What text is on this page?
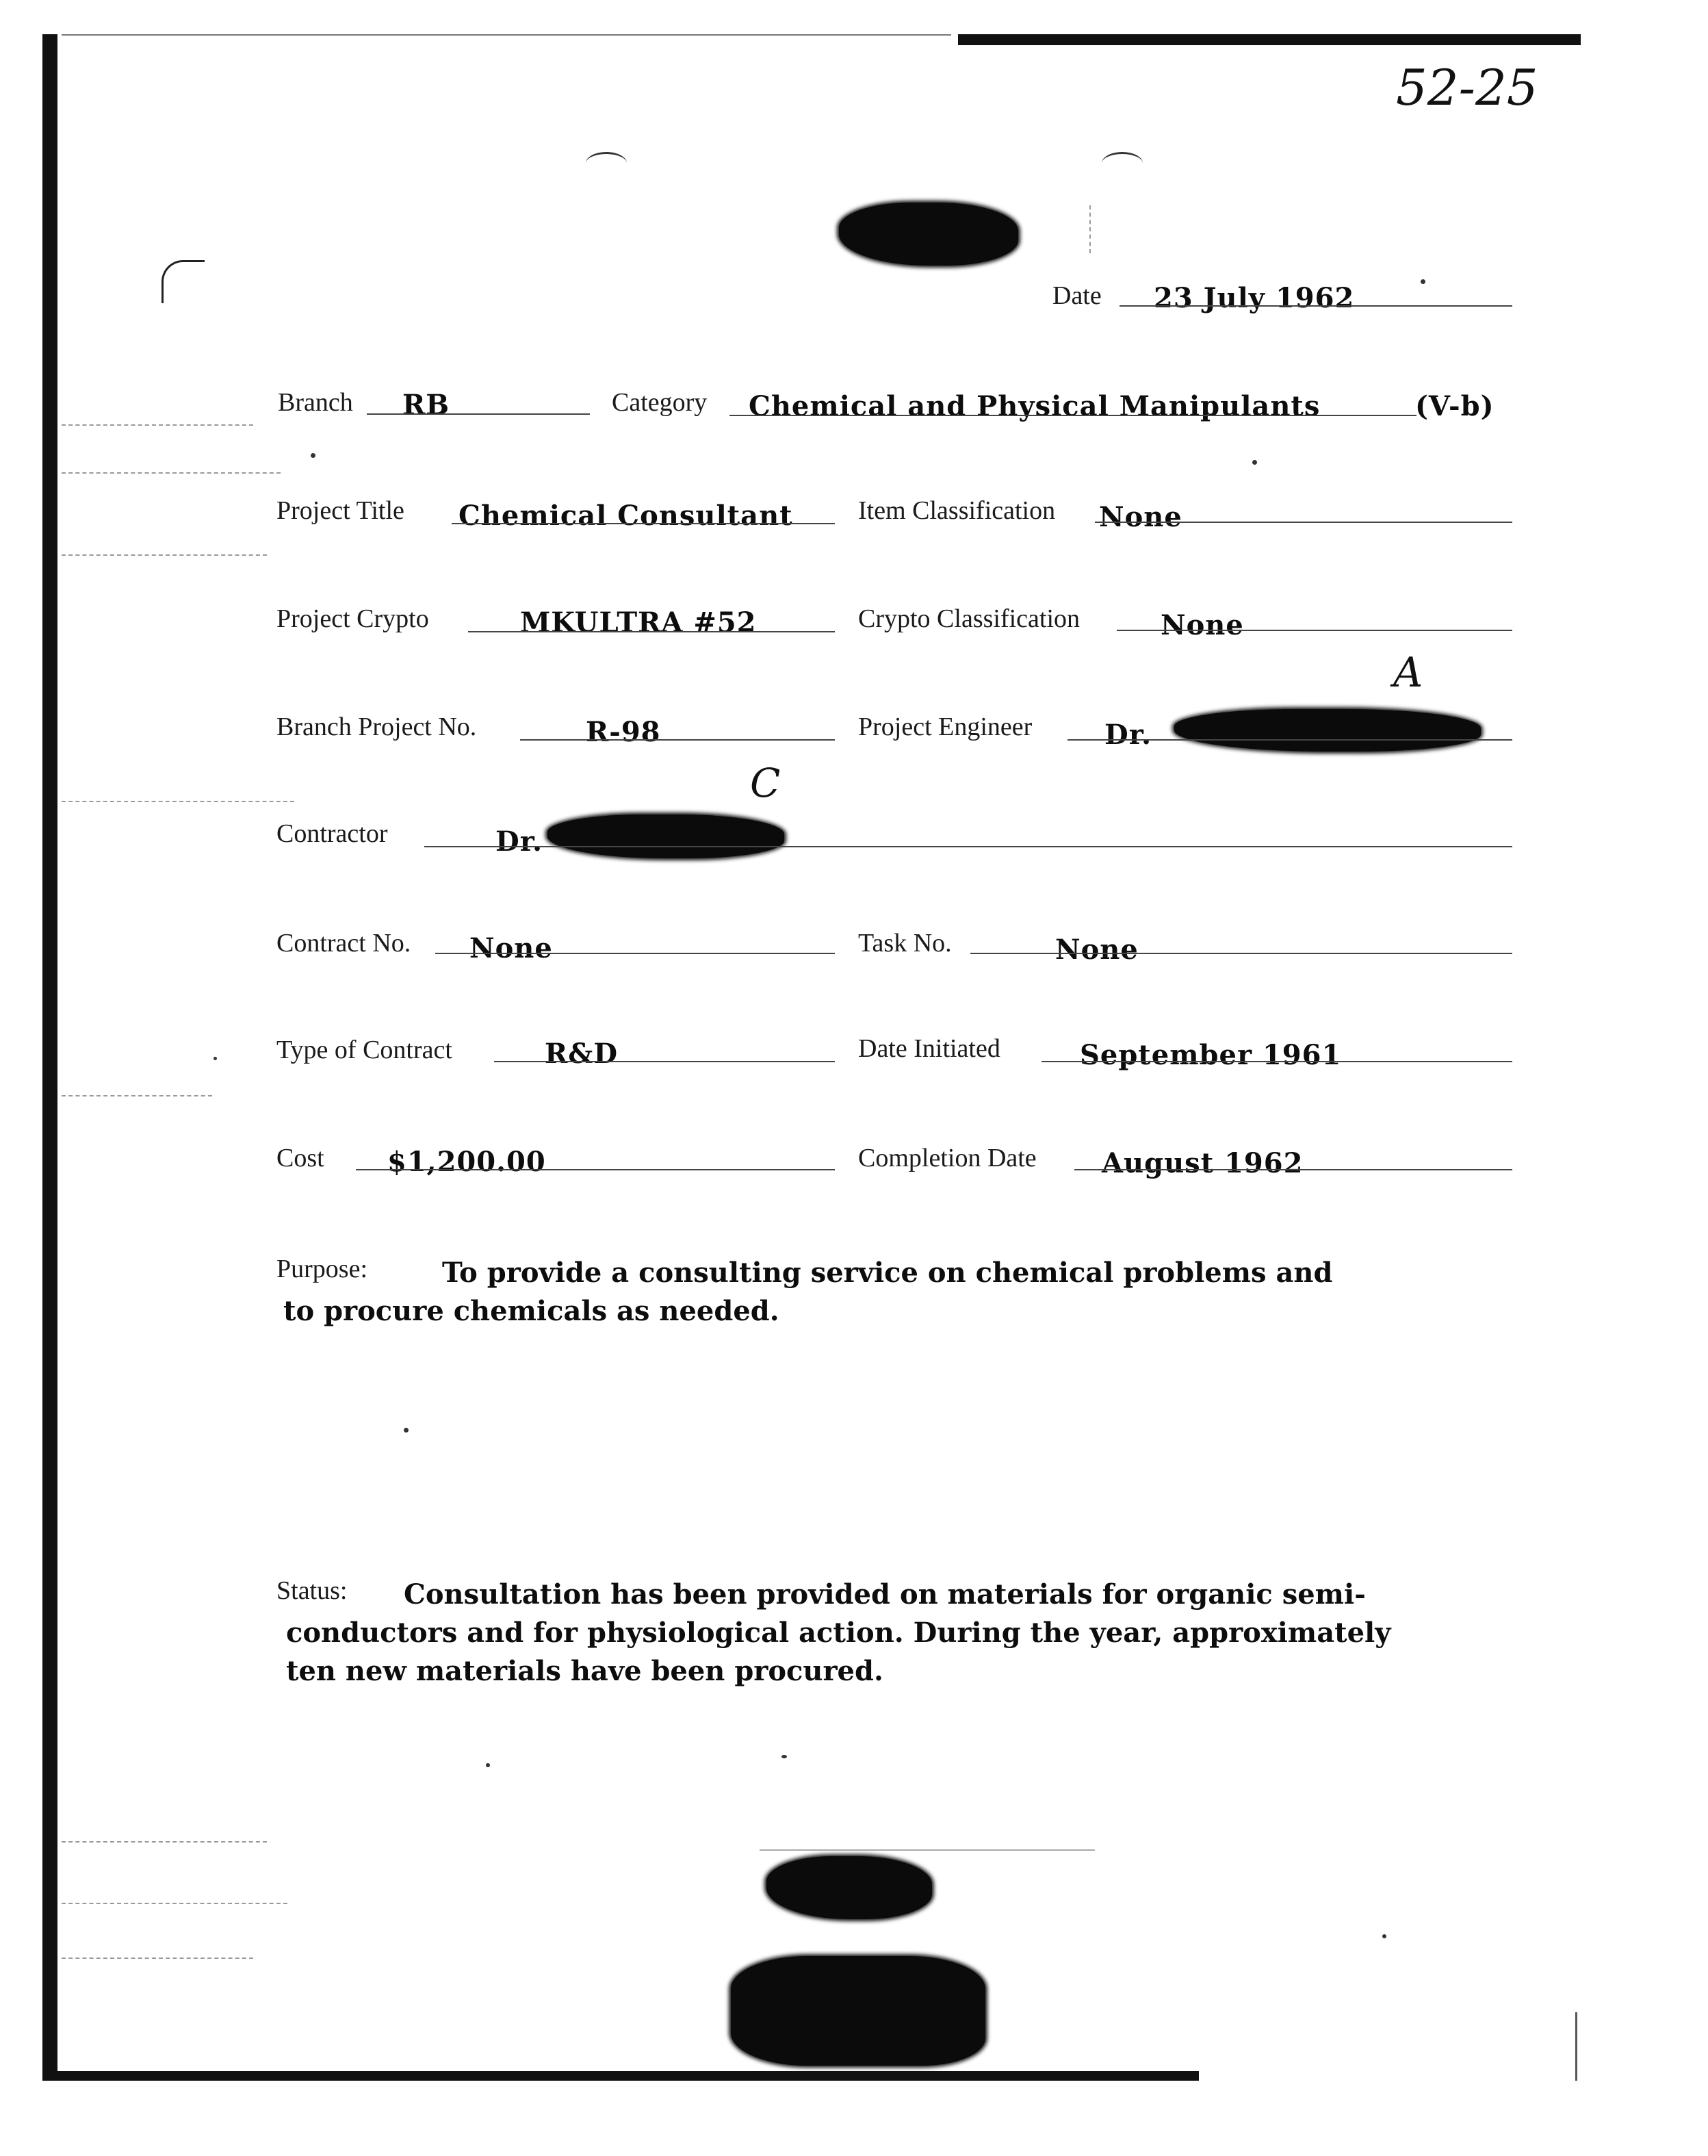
52-25
Date 23 July 1962
Branch RB	Category Chemical and Physical Manipulants	(V-b)
Project Title Chemical Consultant	Item Classification None
Project Crypto	MKULTRA #52	Crypto Classification	None
A
Branch Project No.	R-98	Project Engineer	Dr.
C
Contractor	Dr.
Contract No. None	Task No.	None
Type of Contract	R&D	Date Initiated	September 1961
Cost $1,200.00	Completion Date August 1962
Purpose:	To provide a consulting service on chemical problems and to procure chemicals as needed.
Status:	Consultation has been provided on materials for organic semi-conductors and for physiological action. During the year, approximately ten new materials have been procured.
